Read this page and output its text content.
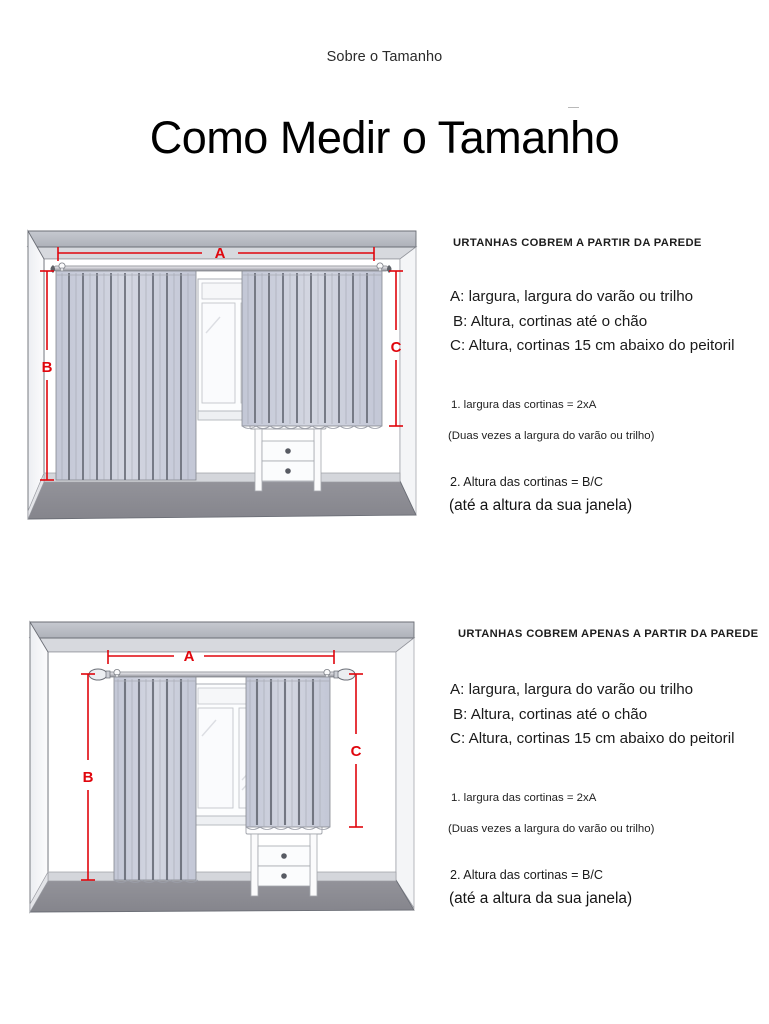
Sobre o Tamanho
Como Medir o Tamanho
A
B
C
URTANHAS COBREM A PARTIR DA PAREDE
A: largura, largura do varão ou trilho
B: Altura, cortinas até o chão
C: Altura, cortinas 15 cm abaixo do peitoril
1. largura das cortinas = 2xA
(Duas vezes a largura do varão ou trilho)
2. Altura das cortinas = B/C
(até a altura da sua janela)
A
B
C
URTANHAS COBREM APENAS A PARTIR DA PAREDE
A: largura, largura do varão ou trilho
B: Altura, cortinas até o chão
C: Altura, cortinas 15 cm abaixo do peitoril
1. largura das cortinas = 2xA
(Duas vezes a largura do varão ou trilho)
2. Altura das cortinas = B/C
(até a altura da sua janela)
